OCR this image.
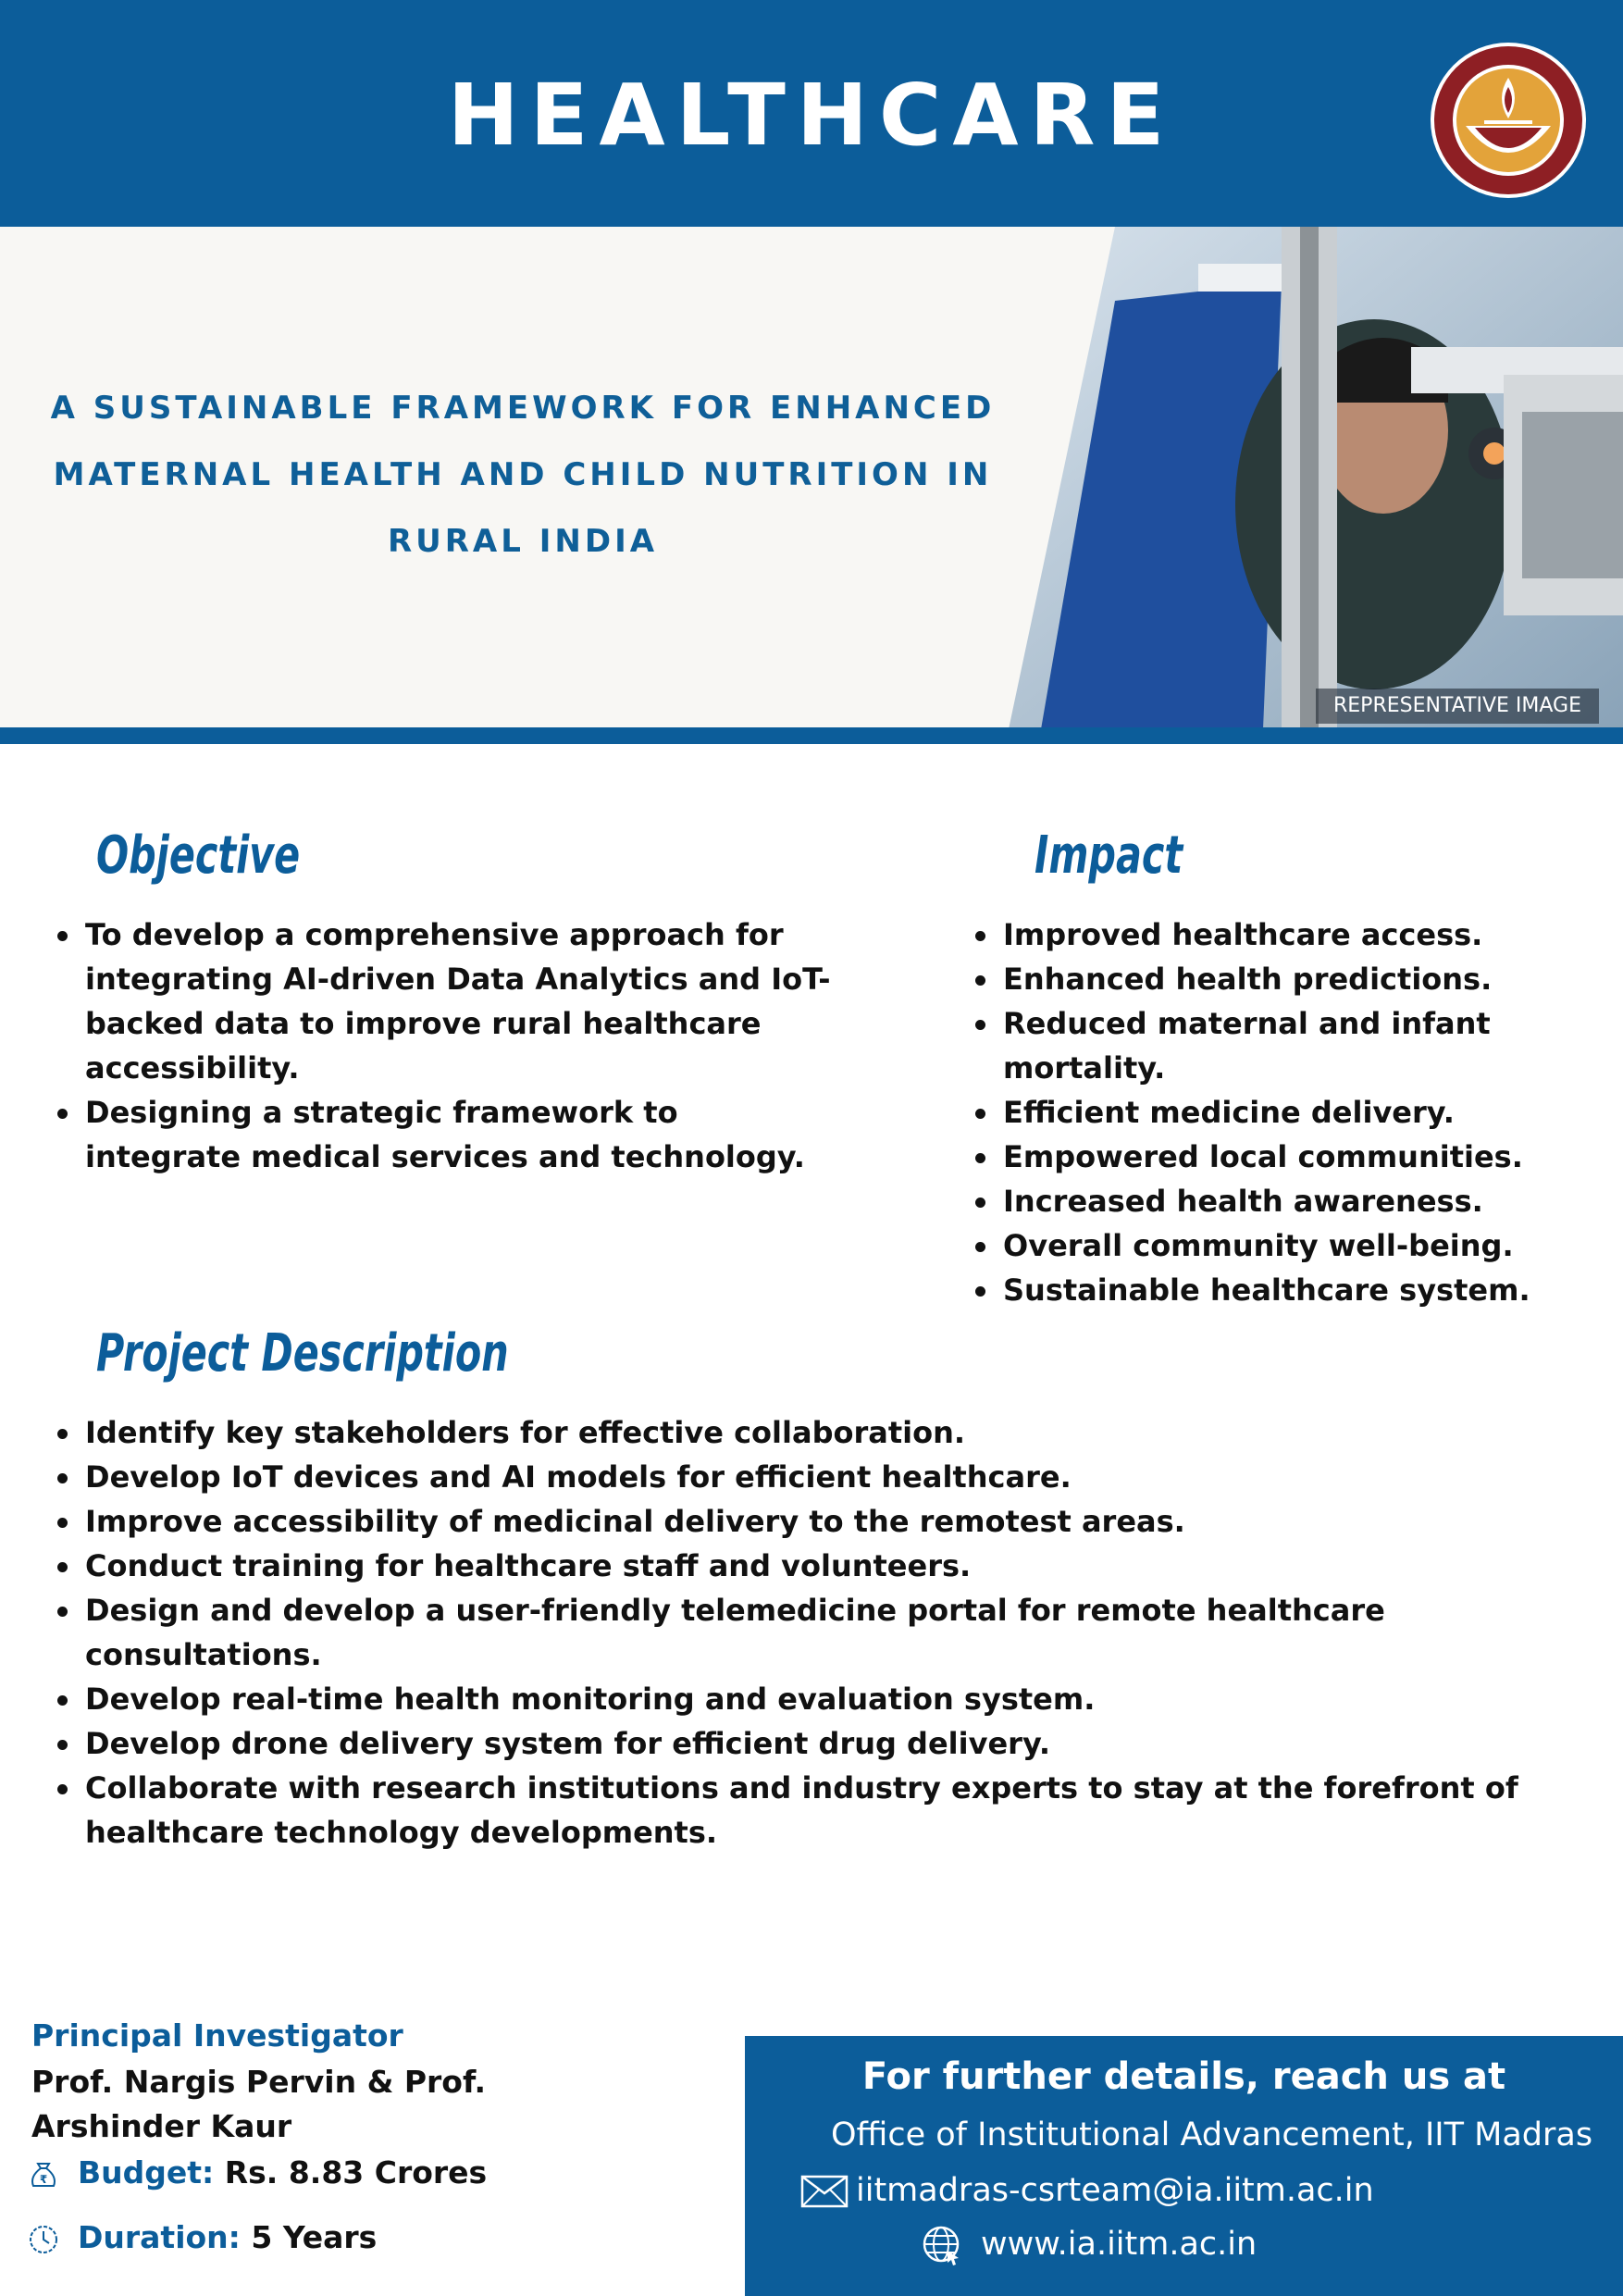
HEALTHCARE
A SUSTAINABLE FRAMEWORK FOR ENHANCED MATERNAL HEALTH AND CHILD NUTRITION IN RURAL INDIA
REPRESENTATIVE IMAGE
Objective
To develop a comprehensive approach for integrating AI-driven Data Analytics and IoT-backed data to improve rural healthcare accessibility.
Designing a strategic framework to integrate medical services and technology.
Impact
Improved healthcare access.
Enhanced health predictions.
Reduced maternal and infant mortality.
Efficient medicine delivery.
Empowered local communities.
Increased health awareness.
Overall community well-being.
Sustainable healthcare system.
Project Description
Identify key stakeholders for effective collaboration.
Develop IoT devices and AI models for efficient healthcare.
Improve accessibility of medicinal delivery to the remotest areas.
Conduct training for healthcare staff and volunteers.
Design and develop a user-friendly telemedicine portal for remote healthcare consultations.
Develop real-time health monitoring and evaluation system.
Develop drone delivery system for efficient drug delivery.
Collaborate with research institutions and industry experts to stay at the forefront of healthcare technology developments.
Principal Investigator
Prof. Nargis Pervin & Prof. Arshinder Kaur
₹ Budget: Rs. 8.83 Crores
Duration: 5 Years
For further details, reach us at
Office of Institutional Advancement, IIT Madras
iitmadras-csrteam@ia.iitm.ac.in
www.ia.iitm.ac.in
